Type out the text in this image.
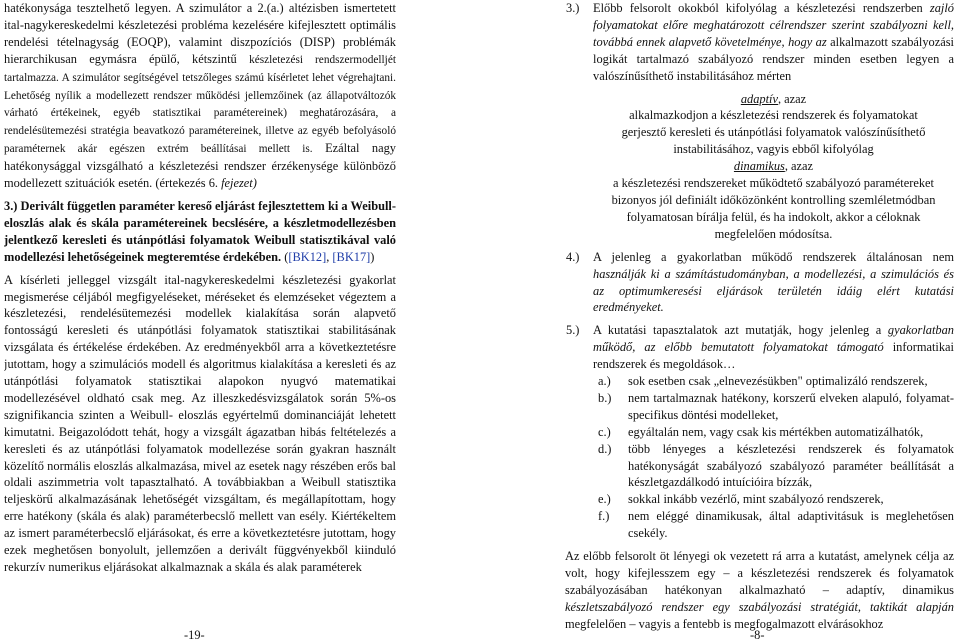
hatékonysága tesztelhető legyen. A szimulátor a 2.(a.) altézisben ismertetett ital-nagykereskedelmi készletezési probléma kezelésére kifejlesztett optimális rendelési tételnagyság (EOQP), valamint diszpozíciós (DISP) problémák hierarchikusan egymásra épülő, kétszintű készletezési rendszermodelljét tartalmazza. A szimulátor segítségével tetszőleges számú kísérletet lehet végrehajtani. Lehetőség nyílik a modellezett rendszer működési jellemzőinek (az állapotváltozók várható értékeinek, egyéb statisztikai paramétereinek) meghatározására, a rendelésütemezési stratégia beavatkozó paramétereinek, illetve az egyéb befolyásoló paraméternek akár egészen extrém beállításai mellett is. Ezáltal nagy hatékonysággal vizsgálható a készletezési rendszer érzékenysége különböző modellezett szituációk esetén. (értekezés 6. fejezet)

3.) Derivált független paraméter kereső eljárást fejlesztettem ki a Weibull-eloszlás alak és skála paramétereinek becslésére, a készletmodellezésben jelentkező keresleti és utánpótlási folyamatok Weibull statisztikával való modellezési lehetőségeinek megteremtése érdekében. ([BK12], [BK17])

A kísérleti jelleggel vizsgált ital-nagykereskedelmi készletezési gyakorlat megismerése céljából megfigyeléseket, méréseket és elemzéseket végeztem a készletezési, rendelésütemezési modellek kialakítása során alapvető fontosságú keresleti és utánpótlási folyamatok statisztikai stabilitásának vizsgálata és értékelése érdekében. Az eredményekből arra a következtetésre jutottam, hogy a szimulációs modell és algoritmus kialakítása a keresleti és az utánpótlási folyamatok statisztikai alapokon nyugvó matematikai modellezésével oldható csak meg. Az illeszkedésvizsgálatok során 5%-os szignifikancia szinten a Weibull- eloszlás egyértelmű dominanciáját lehetett kimutatni. Beigazolódott tehát, hogy a vizsgált ágazatban hibás feltételezés a keresleti és az utánpótlási folyamatok modellezése során gyakran használt közelítő normális eloszlás alkalmazása, mivel az esetek nagy részében erős bal oldali aszimmetria volt tapasztalható. A továbbiakban a Weibull statisztika teljeskörű alkalmazásának lehetőségét vizsgáltam, és megállapítottam, hogy erre hatékony (skála és alak) paraméterbecslő mellett van esély. Kiértékeltem az ismert paraméterbecslő eljárásokat, és erre a következtetésre jutottam, hogy ezek meghetősen bonyolult, jellemzően a derivált függvényekből kiinduló rekurzív numerikus eljárásokat alkalmaznak a skála és alak paraméterek

-19-

3.) Előbb felsorolt okokból kifolyólag a készletezési rendszerben zajló folyamatokat előre meghatározott célrendszer szerint szabályozni kell, továbbá ennek alapvető követelménye, hogy az alkalmazott szabályozási logikát tartalmazó szabályozó rendszer minden esetben legyen a valószínűsíthető instabilitásához mérten

adaptív, azaz
alkalmazkodjon a készletezési rendszerek és folyamatokat
gerjesztő keresleti és utánpótlási folyamatok valószínűsíthető
instabilitásához, vagyis ebből kifolyólag
dinamikus, azaz
a készletezési rendszereket működtető szabályozó paramétereket
bizonyos jól definiált időközönként kontrolling szemléletmódban
folyamatosan bírálja felül, és ha indokolt, akkor a céloknak
megfelelően módosítsa.

4.) A jelenleg a gyakorlatban működő rendszerek általánosan nem használják ki a számítástudományban, a modellezési, a szimulációs és az optimumkeresési eljárások területén idáig elért kutatási eredményeket.

5.) A kutatási tapasztalatok azt mutatják, hogy jelenleg a gyakorlatban működő, az előbb bemutatott folyamatokat támogató informatikai rendszerek és megoldások…

a.) sok esetben csak „elnevezésükben" optimalizáló rendszerek,

b.) nem tartalmaznak hatékony, korszerű elveken alapuló, folyamat-specifikus döntési modelleket,

c.) egyáltalán nem, vagy csak kis mértékben automatizálhatók,

d.) több lényeges a készletezési rendszerek és folyamatok hatékonyságát szabályozó szabályozó paraméter beállítását a készletgazdálkodó intuícióira bízzák,

e.) sokkal inkább vezérlő, mint szabályozó rendszerek,

f.) nem eléggé dinamikusak, által adaptivitásuk is meglehetősen csekély.

Az előbb felsorolt öt lényegi ok vezetett rá arra a kutatást, amelynek célja az volt, hogy kifejlesszem egy – a készletezési rendszerek és folyamatok szabályozásában hatékonyan alkalmazható – adaptív, dinamikus készletszabályozó rendszer egy szabályozási stratégiát, taktikát alapján megfelelően – vagyis a fentebb is megfogalmazott elvárásokhoz

-8-
